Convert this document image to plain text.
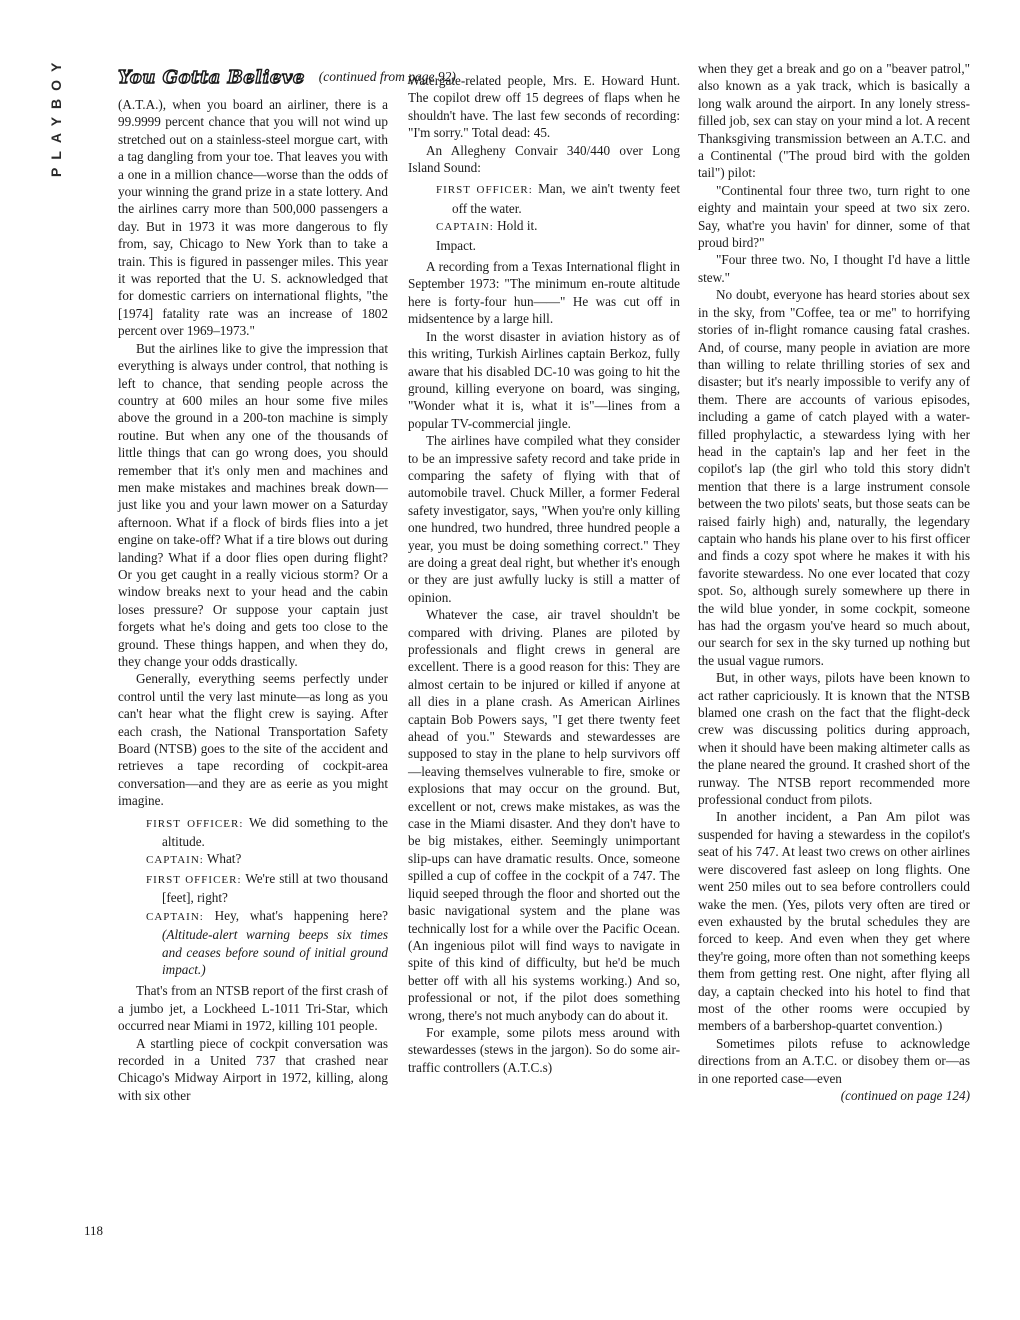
PLAYBOY	You Gotta Believe (continued from page 92)

(A.T.A.), when you board an airliner, there is a 99.9999 percent chance that you will not wind up stretched out on a stainless-steel morgue cart, with a tag dangling from your toe. That leaves you with a one in a million chance—worse than the odds of your winning the grand prize in a state lottery. And the airlines carry more than 500,000 passengers a day. But in 1973 it was more dangerous to fly from, say, Chicago to New York than to take a train. This is figured in passenger miles. This year it was reported that the U. S. acknowledged that for domestic carriers on international flights, "the [1974] fatality rate was an increase of 1802 percent over 1969–1973."

But the airlines like to give the impression that everything is always under control, that nothing is left to chance, that sending people across the country at 600 miles an hour some five miles above the ground in a 200-ton machine is simply routine. But when any one of the thousands of little things that can go wrong does, you should remember that it's only men and machines and men make mistakes and machines break down—just like you and your lawn mower on a Saturday afternoon. What if a flock of birds flies into a jet engine on take-off? What if a tire blows out during landing? What if a door flies open during flight? Or you get caught in a really vicious storm? Or a window breaks next to your head and the cabin loses pressure? Or suppose your captain just forgets what he's doing and gets too close to the ground. These things happen, and when they do, they change your odds drastically.

Generally, everything seems perfectly under control until the very last minute—as long as you can't hear what the flight crew is saying. After each crash, the National Transportation Safety Board (NTSB) goes to the site of the accident and retrieves a tape recording of cockpit-area conversation—and they are as eerie as you might imagine.

FIRST OFFICER: We did something to the altitude.

CAPTAIN: What?

FIRST OFFICER: We're still at two thousand [feet], right?

CAPTAIN: Hey, what's happening here? (Altitude-alert warning beeps six times and ceases before sound of initial ground impact.)

That's from an NTSB report of the first crash of a jumbo jet, a Lockheed L-1011 Tri-Star, which occurred near Miami in 1972, killing 101 people.

A startling piece of cockpit conversation was recorded in a United 737 that crashed near Chicago's Midway Airport in 1972, killing, along with six other

Watergate-related people, Mrs. E. Howard Hunt. The copilot drew off 15 degrees of flaps when he shouldn't have. The last few seconds of recording: "I'm sorry." Total dead: 45.

An Allegheny Convair 340/440 over Long Island Sound:

FIRST OFFICER: Man, we ain't twenty feet off the water.

CAPTAIN: Hold it.

Impact.

A recording from a Texas International flight in September 1973: "The minimum en-route altitude here is forty-four hun——" He was cut off in midsentence by a large hill.

In the worst disaster in aviation history as of this writing, Turkish Airlines captain Berkoz, fully aware that his disabled DC-10 was going to hit the ground, killing everyone on board, was singing, "Wonder what it is, what it is"—lines from a popular TV-commercial jingle.

The airlines have compiled what they consider to be an impressive safety record and take pride in comparing the safety of flying with that of automobile travel. Chuck Miller, a former Federal safety investigator, says, "When you're only killing one hundred, two hundred, three hundred people a year, you must be doing something correct." They are doing a great deal right, but whether it's enough or they are just awfully lucky is still a matter of opinion.

Whatever the case, air travel shouldn't be compared with driving. Planes are piloted by professionals and flight crews in general are excellent. There is a good reason for this: They are almost certain to be injured or killed if anyone at all dies in a plane crash. As American Airlines captain Bob Powers says, "I get there twenty feet ahead of you." Stewards and stewardesses are supposed to stay in the plane to help survivors off—leaving themselves vulnerable to fire, smoke or explosions that may occur on the ground. But, excellent or not, crews make mistakes, as was the case in the Miami disaster. And they don't have to be big mistakes, either. Seemingly unimportant slip-ups can have dramatic results. Once, someone spilled a cup of coffee in the cockpit of a 747. The liquid seeped through the floor and shorted out the basic navigational system and the plane was technically lost for a while over the Pacific Ocean. (An ingenious pilot will find ways to navigate in spite of this kind of difficulty, but he'd be much better off with all his systems working.) And so, professional or not, if the pilot does something wrong, there's not much anybody can do about it.

For example, some pilots mess around with stewardesses (stews in the jargon). So do some air-traffic controllers (A.T.C.s)

when they get a break and go on a "beaver patrol," also known as a yak track, which is basically a long walk around the airport. In any lonely stress-filled job, sex can stay on your mind a lot. A recent Thanksgiving transmission between an A.T.C. and a Continental ("The proud bird with the golden tail") pilot:

"Continental four three two, turn right to one eighty and maintain your speed at two six zero. Say, what're you havin' for dinner, some of that proud bird?"

"Four three two. No, I thought I'd have a little stew."

No doubt, everyone has heard stories about sex in the sky, from "Coffee, tea or me" to horrifying stories of in-flight romance causing fatal crashes. And, of course, many people in aviation are more than willing to relate thrilling stories of sex and disaster; but it's nearly impossible to verify any of them. There are accounts of various episodes, including a game of catch played with a water-filled prophylactic, a stewardess lying with her head in the captain's lap and her feet in the copilot's lap (the girl who told this story didn't mention that there is a large instrument console between the two pilots' seats, but those seats can be raised fairly high) and, naturally, the legendary captain who hands his plane over to his first officer and finds a cozy spot where he makes it with his favorite stewardess. No one ever located that cozy spot. So, although surely somewhere up there in the wild blue yonder, in some cockpit, someone has had the orgasm you've heard so much about, our search for sex in the sky turned up nothing but the usual vague rumors.

But, in other ways, pilots have been known to act rather capriciously. It is known that the NTSB blamed one crash on the fact that the flight-deck crew was discussing politics during approach, when it should have been making altimeter calls as the plane neared the ground. It crashed short of the runway. The NTSB report recommended more professional conduct from pilots.

In another incident, a Pan Am pilot was suspended for having a stewardess in the copilot's seat of his 747. At least two crews on other airlines were discovered fast asleep on long flights. One went 250 miles out to sea before controllers could wake the men. (Yes, pilots very often are tired or even exhausted by the brutal schedules they are forced to keep. And even when they get where they're going, more often than not something keeps them from getting rest. One night, after flying all day, a captain checked into his hotel to find that most of the other rooms were occupied by members of a barbershop-quartet convention.)

Sometimes pilots refuse to acknowledge directions from an A.T.C. or disobey them or—as in one reported case—even

(continued on page 124)
118
